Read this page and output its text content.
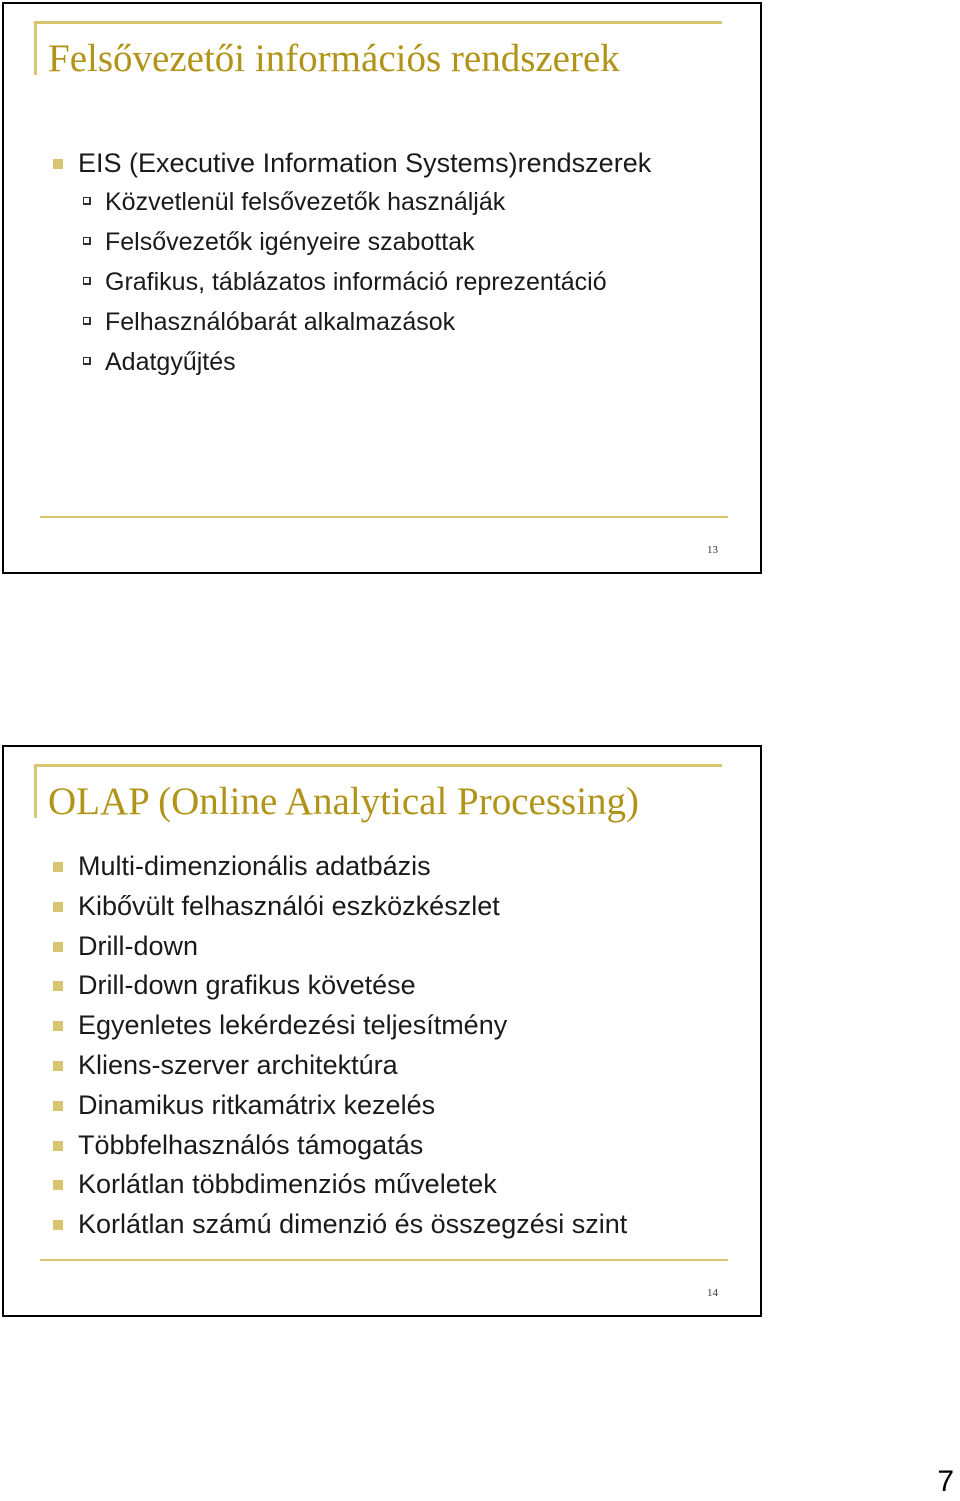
Felsővezetői információs rendszerek
EIS (Executive Information Systems)rendszerek
Közvetlenül felsővezetők használják
Felsővezetők igényeire szabottak
Grafikus, táblázatos információ reprezentáció
Felhasználóbarát alkalmazások
Adatgyűjtés
13
OLAP (Online Analytical Processing)
Multi-dimenzionális adatbázis
Kibővült felhasználói eszközkészlet
Drill-down
Drill-down grafikus követése
Egyenletes lekérdezési teljesítmény
Kliens-szerver architektúra
Dinamikus ritkamátrix kezelés
Többfelhasználós támogatás
Korlátlan többdimenziós műveletek
Korlátlan számú dimenzió és összegzési szint
14
7
